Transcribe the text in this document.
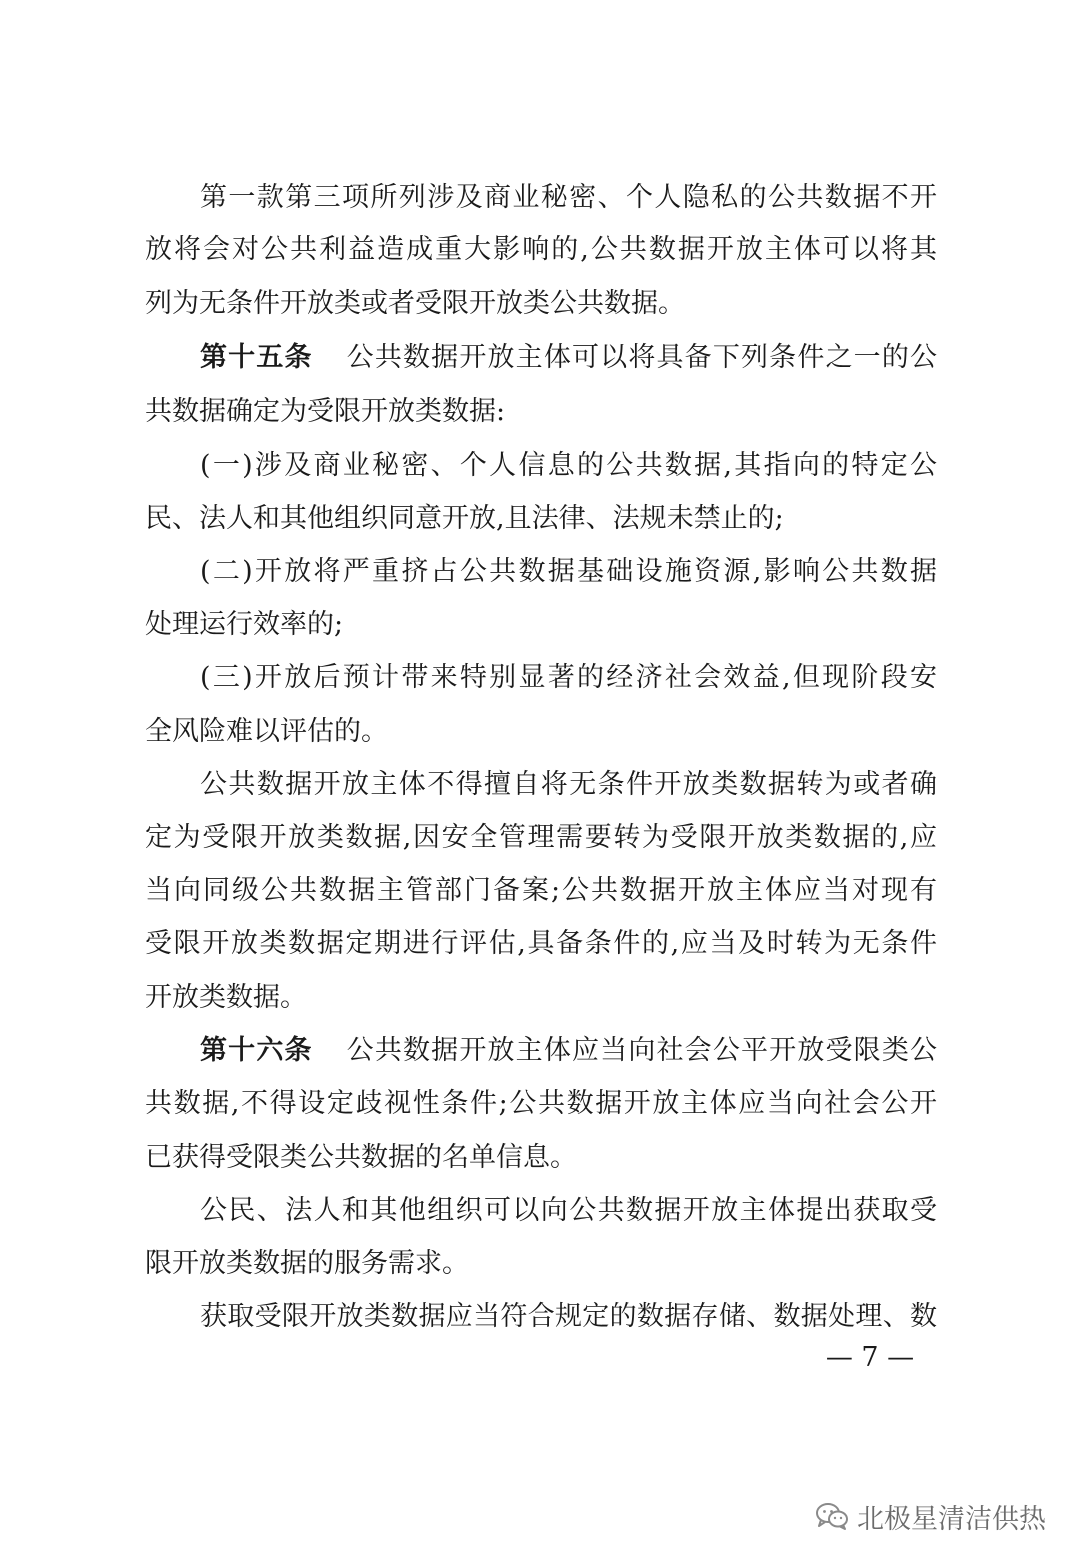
第一款第三项所列涉及商业秘密、个人隐私的公共数据不开
放将会对公共利益造成重大影响的,公共数据开放主体可以将其
列为无条件开放类或者受限开放类公共数据。
第十五条 公共数据开放主体可以将具备下列条件之一的公
共数据确定为受限开放类数据:
(一)涉及商业秘密、个人信息的公共数据,其指向的特定公
民、法人和其他组织同意开放,且法律、法规未禁止的;
(二)开放将严重挤占公共数据基础设施资源,影响公共数据
处理运行效率的;
(三)开放后预计带来特别显著的经济社会效益,但现阶段安
全风险难以评估的。
公共数据开放主体不得擅自将无条件开放类数据转为或者确
定为受限开放类数据,因安全管理需要转为受限开放类数据的,应
当向同级公共数据主管部门备案;公共数据开放主体应当对现有
受限开放类数据定期进行评估,具备条件的,应当及时转为无条件
开放类数据。
第十六条 公共数据开放主体应当向社会公平开放受限类公
共数据,不得设定歧视性条件;公共数据开放主体应当向社会公开
已获得受限类公共数据的名单信息。
公民、法人和其他组织可以向公共数据开放主体提出获取受
限开放类数据的服务需求。
获取受限开放类数据应当符合规定的数据存储、数据处理、数
— 7 —
北极星清洁供热
